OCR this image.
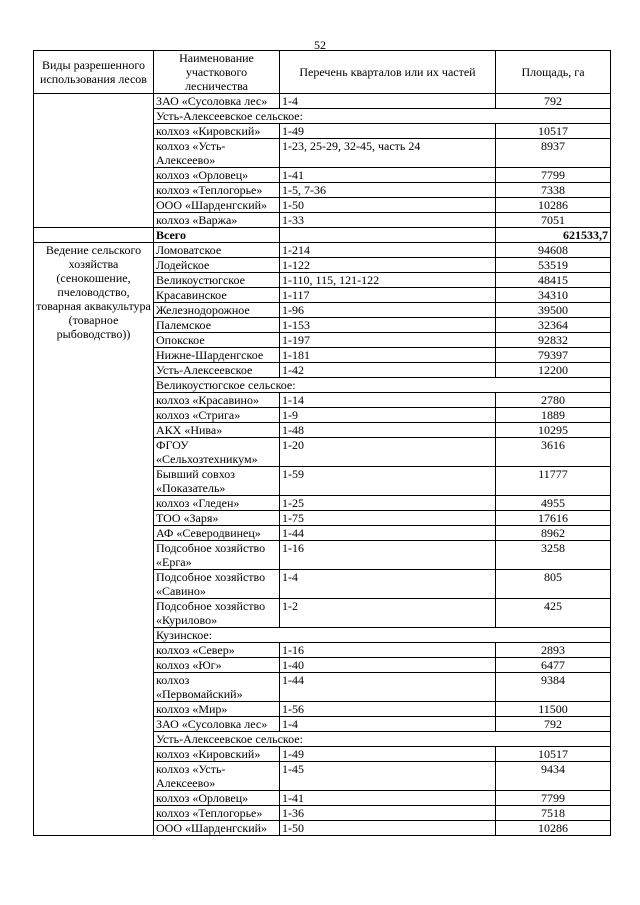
52
Виды разрешенного использования лесов	Наименование участкового лесничества	Перечень кварталов или их частей	Площадь, га
	ЗАО «Сусоловка лес»	1-4	792
	Усть-Алексеевское сельское:		
	колхоз «Кировский»	1-49	10517
	колхоз «Усть-Алексеево»	1-23, 25-29, 32-45, часть 24	8937
	колхоз «Орловец»	1-41	7799
	колхоз «Теплогорье»	1-5, 7-36	7338
	ООО «Шарденгский»	1-50	10286
	колхоз «Варжа»	1-33	7051
	Всего		621533,7
Ведение сельского хозяйства (сенокошение, пчеловодство, товарная аквакультура (товарное рыбоводство))	Ломоватское	1-214	94608
	Лодейское	1-122	53519
	Великоустюгское	1-110, 115, 121-122	48415
	Красавинское	1-117	34310
	Железнодорожное	1-96	39500
	Палемское	1-153	32364
	Опокское	1-197	92832
	Нижне-Шарденгское	1-181	79397
	Усть-Алексеевское	1-42	12200
	Великоустюгское сельское:		
	колхоз «Красавино»	1-14	2780
	колхоз «Стрига»	1-9	1889
	АКХ «Нива»	1-48	10295
	ФГОУ «Сельхозтехникум»	1-20	3616
	Бывший совхоз «Показатель»	1-59	11777
	колхоз «Гледен»	1-25	4955
	ТОО «Заря»	1-75	17616
	АФ «Северодвинец»	1-44	8962
	Подсобное хозяйство «Ерга»	1-16	3258
	Подсобное хозяйство «Савино»	1-4	805
	Подсобное хозяйство «Курилово»	1-2	425
	Кузинское:		
	колхоз «Север»	1-16	2893
	колхоз «Юг»	1-40	6477
	колхоз «Первомайский»	1-44	9384
	колхоз «Мир»	1-56	11500
	ЗАО «Сусоловка лес»	1-4	792
	Усть-Алексеевское сельское:		
	колхоз «Кировский»	1-49	10517
	колхоз «Усть-Алексеево»	1-45	9434
	колхоз «Орловец»	1-41	7799
	колхоз «Теплогорье»	1-36	7518
	ООО «Шарденгский»	1-50	10286
